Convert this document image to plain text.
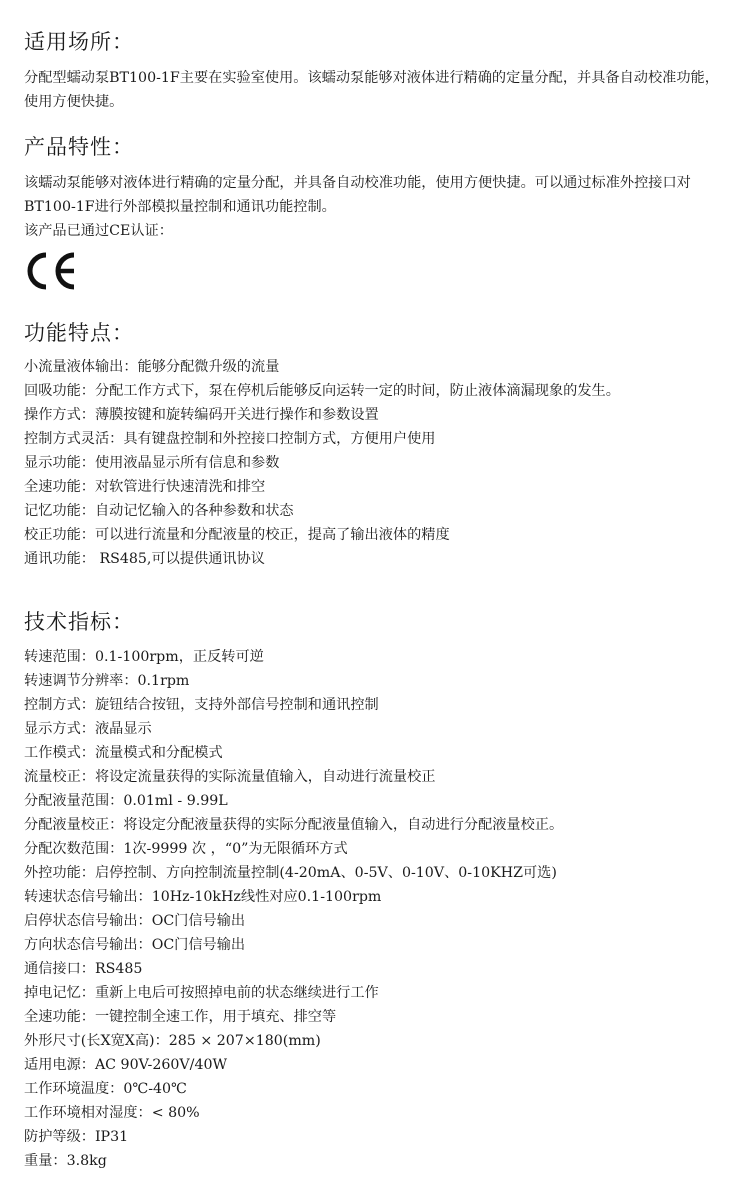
适用场所：

分配型蠕动泵BT100-1F主要在实验室使用。该蠕动泵能够对液体进行精确的定量分配，并具备自动校准功能，使用方便快捷。

产品特性：

该蠕动泵能够对液体进行精确的定量分配，并具备自动校准功能，使用方便快捷。可以通过标准外控接口对BT100-1F进行外部模拟量控制和通讯功能控制。

该产品已通过CE认证：

功能特点：
小流量液体输出：能够分配微升级的流量
回吸功能：分配工作方式下，泵在停机后能够反向运转一定的时间，防止液体滴漏现象的发生。
操作方式：薄膜按键和旋转编码开关进行操作和参数设置
控制方式灵活：具有键盘控制和外控接口控制方式，方便用户使用
显示功能：使用液晶显示所有信息和参数
全速功能：对软管进行快速清洗和排空
记忆功能：自动记忆输入的各种参数和状态
校正功能：可以进行流量和分配液量的校正，提高了输出液体的精度
通讯功能： RS485,可以提供通讯协议
技术指标：
转速范围：0.1-100rpm，正反转可逆
转速调节分辨率：0.1rpm
控制方式：旋钮结合按钮，支持外部信号控制和通讯控制
显示方式：液晶显示
工作模式：流量模式和分配模式
流量校正：将设定流量获得的实际流量值输入，自动进行流量校正
分配液量范围：0.01ml - 9.99L
分配液量校正：将设定分配液量获得的实际分配液量值输入，自动进行分配液量校正。
分配次数范围：1次-9999 次 ，“0”为无限循环方式
外控功能：启停控制、方向控制流量控制(4-20mA、0-5V、0-10V、0-10KHZ可选)
转速状态信号输出：10Hz-10kHz线性对应0.1-100rpm
启停状态信号输出：OC门信号输出
方向状态信号输出：OC门信号输出
通信接口：RS485
掉电记忆：重新上电后可按照掉电前的状态继续进行工作
全速功能：一键控制全速工作，用于填充、排空等
外形尺寸(长X宽X高)：285 × 207×180(mm)
适用电源：AC 90V-260V/40W
工作环境温度：0℃-40℃
工作环境相对湿度：< 80%
防护等级：IP31
重量：3.8kg
